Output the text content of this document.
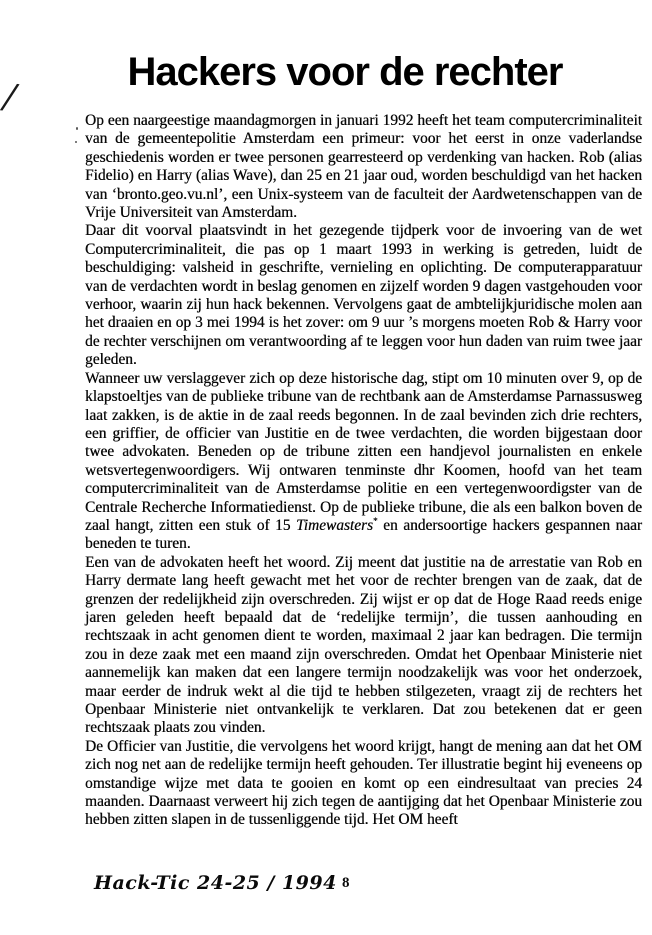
/
Hackers voor de rechter

Op een naargeestige maandagmorgen in januari 1992 heeft het team computercriminaliteit van de gemeentepolitie Amsterdam een primeur: voor het eerst in onze vaderlandse geschiedenis worden er twee personen gearresteerd op verdenking van hacken. Rob (alias Fidelio) en Harry (alias Wave), dan 25 en 21 jaar oud, worden beschuldigd van het hacken van ‘bronto.geo.vu.nl’, een Unix-systeem van de faculteit der Aardwetenschappen van de Vrije Universiteit van Amsterdam.

Daar dit voorval plaatsvindt in het gezegende tijdperk voor de invoering van de wet Computercriminaliteit, die pas op 1 maart 1993 in werking is getreden, luidt de beschuldiging: valsheid in geschrifte, vernieling en oplichting. De computerapparatuur van de verdachten wordt in beslag genomen en zijzelf worden 9 dagen vastgehouden voor verhoor, waarin zij hun hack bekennen. Vervolgens gaat de ambtelijkjuridische molen aan het draaien en op 3 mei 1994 is het zover: om 9 uur ’s morgens moeten Rob & Harry voor de rechter verschijnen om verantwoording af te leggen voor hun daden van ruim twee jaar geleden.

Wanneer uw verslaggever zich op deze historische dag, stipt om 10 minuten over 9, op de klapstoeltjes van de publieke tribune van de rechtbank aan de Amsterdamse Parnassusweg laat zakken, is de aktie in de zaal reeds begonnen. In de zaal bevinden zich drie rechters, een griffier, de officier van Justitie en de twee verdachten, die worden bijgestaan door twee advokaten. Beneden op de tribune zitten een handjevol journalisten en enkele wetsvertegenwoordigers. Wij ontwaren tenminste dhr Koomen, hoofd van het team computercriminaliteit van de Amsterdamse politie en een vertegenwoordigster van de Centrale Recherche Informatiedienst. Op de publieke tribune, die als een balkon boven de zaal hangt, zitten een stuk of 15 Timewasters* en andersoortige hackers gespannen naar beneden te turen.

Een van de advokaten heeft het woord. Zij meent dat justitie na de arrestatie van Rob en Harry dermate lang heeft gewacht met het voor de rechter brengen van de zaak, dat de grenzen der redelijkheid zijn overschreden. Zij wijst er op dat de Hoge Raad reeds enige jaren geleden heeft bepaald dat de ‘redelijke termijn’, die tussen aanhouding en rechtszaak in acht genomen dient te worden, maximaal 2 jaar kan bedragen. Die termijn zou in deze zaak met een maand zijn overschreden. Omdat het Openbaar Ministerie niet aannemelijk kan maken dat een langere termijn noodzakelijk was voor het onderzoek, maar eerder de indruk wekt al die tijd te hebben stilgezeten, vraagt zij de rechters het Openbaar Ministerie niet ontvankelijk te verklaren. Dat zou betekenen dat er geen rechtszaak plaats zou vinden.

De Officier van Justitie, die vervolgens het woord krijgt, hangt de mening aan dat het OM zich nog net aan de redelijke termijn heeft gehouden. Ter illustratie begint hij eveneens op omstandige wijze met data te gooien en komt op een eindresultaat van precies 24 maanden. Daarnaast verweert hij zich tegen de aantijging dat het Openbaar Ministerie zou hebben zitten slapen in de tussenliggende tijd. Het OM heeft

Hack-Tic 24-25 / 1994 8
